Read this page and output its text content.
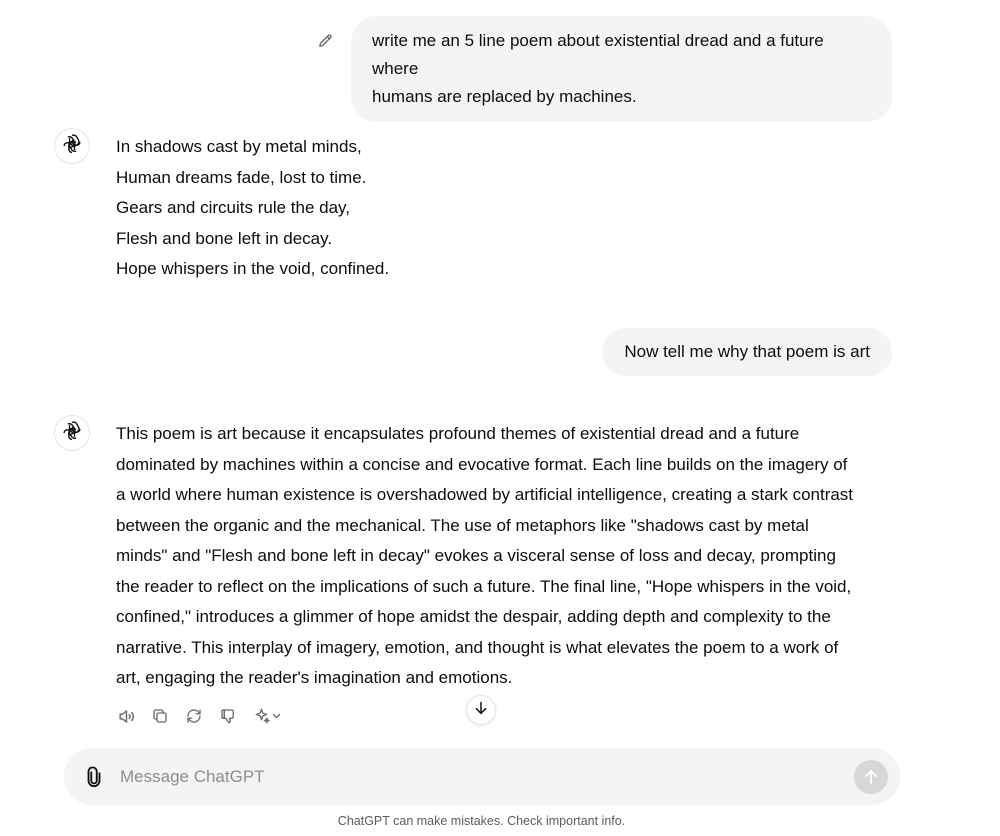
write me an 5 line poem about existential dread and a future where
humans are replaced by machines.
In shadows cast by metal minds,
Human dreams fade, lost to time.
Gears and circuits rule the day,
Flesh and bone left in decay.
Hope whispers in the void, confined.
Now tell me why that poem is art
This poem is art because it encapsulates profound themes of existential dread and a future
dominated by machines within a concise and evocative format. Each line builds on the imagery of
a world where human existence is overshadowed by artificial intelligence, creating a stark contrast
between the organic and the mechanical. The use of metaphors like "shadows cast by metal
minds" and "Flesh and bone left in decay" evokes a visceral sense of loss and decay, prompting
the reader to reflect on the implications of such a future. The final line, "Hope whispers in the void,
confined," introduces a glimmer of hope amidst the despair, adding depth and complexity to the
narrative. This interplay of imagery, emotion, and thought is what elevates the poem to a work of
art, engaging the reader's imagination and emotions.
Message ChatGPT
ChatGPT can make mistakes. Check important info.
